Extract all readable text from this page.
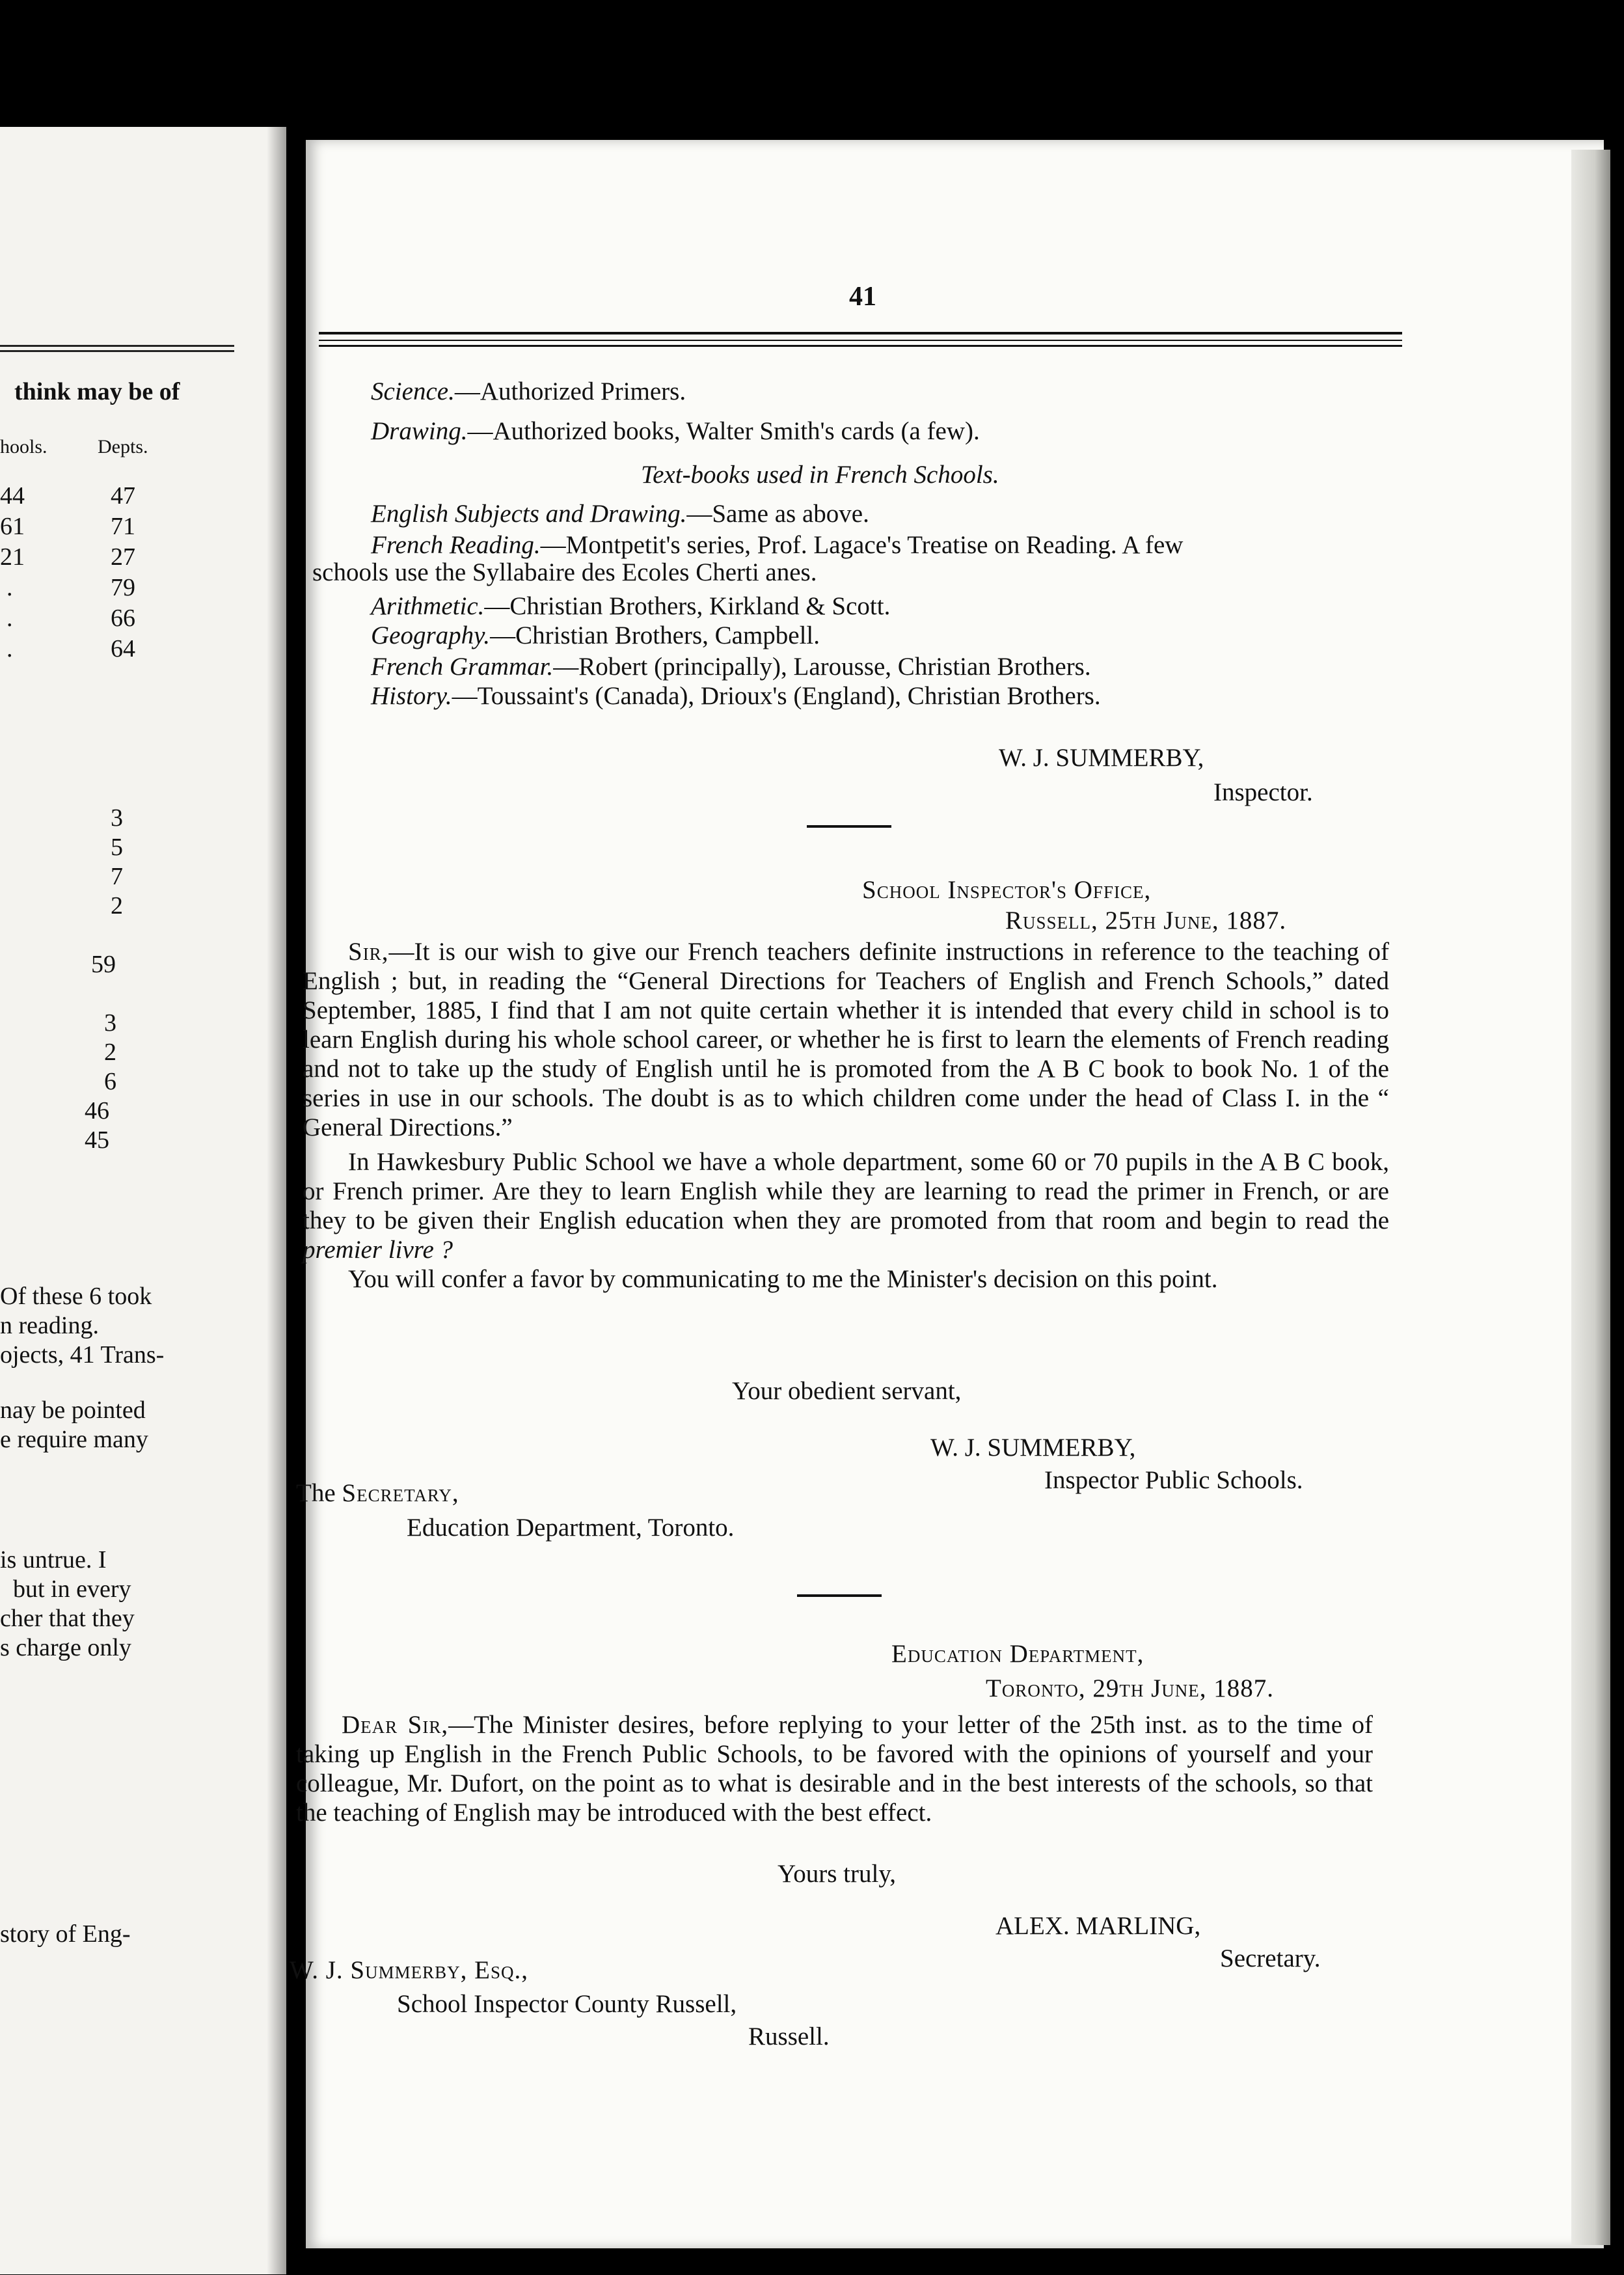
think may be of
hools.	Depts.
44	47
61	71
21	27
.	79
.	66
.	64
3
5
7
2
59
3
2
6
46
45
Of these 6 took
n reading.
ojects, 41 Trans-
nay be pointed
e require many
is untrue. I
but in every
cher that they
s charge only
story of Eng-
41
Science.—Authorized Primers.
Drawing.—Authorized books, Walter Smith's cards (a few).
Text-books used in French Schools.
English Subjects and Drawing.—Same as above.
French Reading.—Montpetit's series, Prof. Lagace's Treatise on Reading. A few
schools use the Syllabaire des Ecoles Cherti anes.
Arithmetic.—Christian Brothers, Kirkland & Scott.
Geography.—Christian Brothers, Campbell.
French Grammar.—Robert (principally), Larousse, Christian Brothers.
History.—Toussaint's (Canada), Drioux's (England), Christian Brothers.
W. J. SUMMERBY,
Inspector.
School Inspector's Office,
Russell, 25th June, 1887.

Sir,—It is our wish to give our French teachers definite instructions in reference to the teaching of English ; but, in reading the “General Directions for Teachers of English and French Schools,” dated September, 1885, I find that I am not quite certain whether it is intended that every child in school is to learn English during his whole school career, or whether he is first to learn the elements of French reading and not to take up the study of English until he is promoted from the A B C book to book No. 1 of the series in use in our schools. The doubt is as to which children come under the head of Class I. in the “ General Directions.”

In Hawkesbury Public School we have a whole department, some 60 or 70 pupils in the A B C book, or French primer. Are they to learn English while they are learning to read the primer in French, or are they to be given their English education when they are promoted from that room and begin to read the premier livre ?

You will confer a favor by communicating to me the Minister's decision on this point.

Your obedient servant,
W. J. SUMMERBY,
Inspector Public Schools.
The Secretary,
Education Department, Toronto.
Education Department,
Toronto, 29th June, 1887.

Dear Sir,—The Minister desires, before replying to your letter of the 25th inst. as to the time of taking up English in the French Public Schools, to be favored with the opinions of yourself and your colleague, Mr. Dufort, on the point as to what is desirable and in the best interests of the schools, so that the teaching of English may be introduced with the best effect.

Yours truly,
ALEX. MARLING,
Secretary.
W. J. Summerby, Esq.,
School Inspector County Russell,
Russell.
